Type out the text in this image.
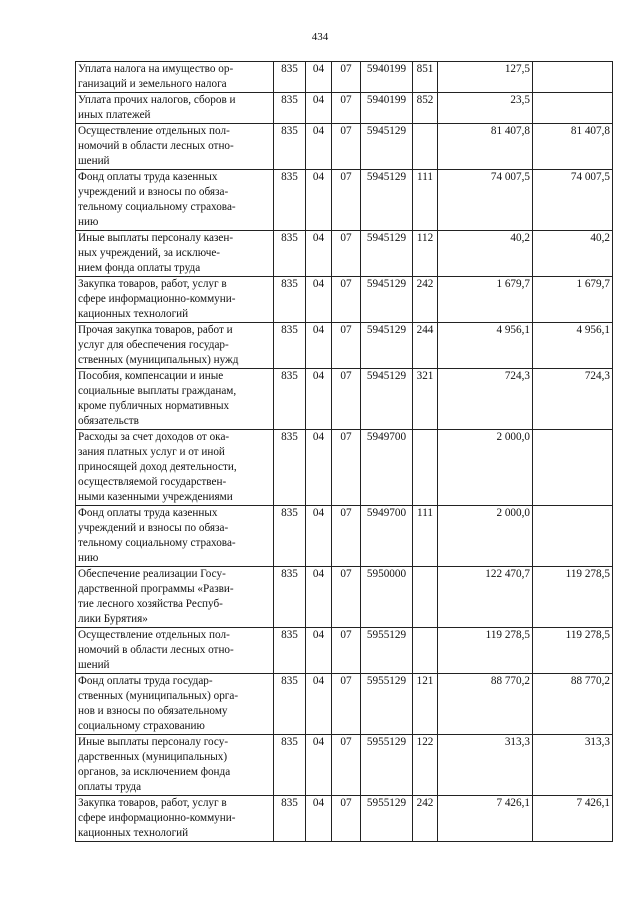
434
Уплата налога на имущество ор-
ганизаций и земельного налога	835	04	07	5940199	851	127,5	

Уплата прочих налогов, сборов и
иных платежей	835	04	07	5940199	852	23,5	

Осуществление отдельных пол-
номочий в области лесных отно-
шений	835	04	07	5945129		81 407,8	81 407,8

Фонд оплаты труда казенных
учреждений и взносы по обяза-
тельному социальному страхова-
нию	835	04	07	5945129	111	74 007,5	74 007,5

Иные выплаты персоналу казен-
ных учреждений, за исключе-
нием фонда оплаты труда	835	04	07	5945129	112	40,2	40,2

Закупка товаров, работ, услуг в
сфере информационно-коммуни-
кационных технологий	835	04	07	5945129	242	1 679,7	1 679,7

Прочая закупка товаров, работ и
услуг для обеспечения государ-
ственных (муниципальных) нужд	835	04	07	5945129	244	4 956,1	4 956,1

Пособия, компенсации и иные
социальные выплаты гражданам,
кроме публичных нормативных
обязательств	835	04	07	5945129	321	724,3	724,3

Расходы за счет доходов от ока-
зания платных услуг и от иной
приносящей доход деятельности,
осуществляемой государствен-
ными казенными учреждениями	835	04	07	5949700		2 000,0	

Фонд оплаты труда казенных
учреждений и взносы по обяза-
тельному социальному страхова-
нию	835	04	07	5949700	111	2 000,0	

Обеспечение реализации Госу-
дарственной программы «Разви-
тие лесного хозяйства Респуб-
лики Бурятия»	835	04	07	5950000		122 470,7	119 278,5

Осуществление отдельных пол-
номочий в области лесных отно-
шений	835	04	07	5955129		119 278,5	119 278,5

Фонд оплаты труда государ-
ственных (муниципальных) орга-
нов и взносы по обязательному
социальному страхованию	835	04	07	5955129	121	88 770,2	88 770,2

Иные выплаты персоналу госу-
дарственных (муниципальных)
органов, за исключением фонда
оплаты труда	835	04	07	5955129	122	313,3	313,3

Закупка товаров, работ, услуг в
сфере информационно-коммуни-
кационных технологий	835	04	07	5955129	242	7 426,1	7 426,1
